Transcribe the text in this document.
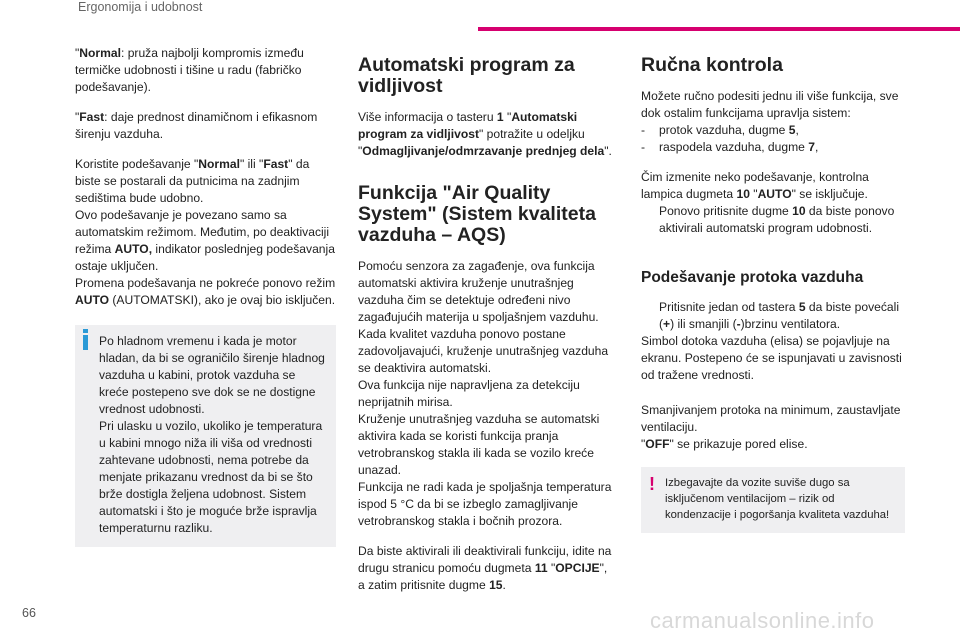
Ergonomija i udobnost

"Normal: pruža najbolji kompromis između termičke udobnosti i tišine u radu (fabričko podešavanje).

"Fast: daje prednost dinamičnom i efikasnom širenju vazduha.

Koristite podešavanje "Normal" ili "Fast" da biste se postarali da putnicima na zadnjim sedištima bude udobno.
Ovo podešavanje je povezano samo sa automatskim režimom. Međutim, po deaktivaciji režima AUTO, indikator poslednjeg podešavanja ostaje uključen.
Promena podešavanja ne pokreće ponovo režim AUTO (AUTOMATSKI), ako je ovaj bio isključen.

Po hladnom vremenu i kada je motor hladan, da bi se ograničilo širenje hladnog vazduha u kabini, protok vazduha se kreće postepeno sve dok se ne dostigne vrednost udobnosti.
Pri ulasku u vozilo, ukoliko je temperatura u kabini mnogo niža ili viša od vrednosti zahtevane udobnosti, nema potrebe da menjate prikazanu vrednost da bi se što brže dostigla željena udobnost. Sistem automatski i što je moguće brže ispravlja temperaturnu razliku.
Automatski program za vidljivost

Više informacija o tasteru 1 "Automatski program za vidljivost" potražite u odeljku "Odmagljivanje/odmrzavanje prednjeg dela".

Funkcija "Air Quality System" (Sistem kvaliteta vazduha – AQS)

Pomoću senzora za zagađenje, ova funkcija automatski aktivira kruženje unutrašnjeg vazduha čim se detektuje određeni nivo zagađujućih materija u spoljašnjem vazduhu.
Kada kvalitet vazduha ponovo postane zadovoljavajući, kruženje unutrašnjeg vazduha se deaktivira automatski.
Ova funkcija nije napravljena za detekciju neprijatnih mirisa.
Kruženje unutrašnjeg vazduha se automatski aktivira kada se koristi funkcija pranja vetrobranskog stakla ili kada se vozilo kreće unazad.
Funkcija ne radi kada je spoljašnja temperatura ispod 5 °C da bi se izbeglo zamagljivanje vetrobranskog stakla i bočnih prozora.

Da biste aktivirali ili deaktivirali funkciju, idite na drugu stranicu pomoću dugmeta 11 "OPCIJE",
a zatim pritisnite dugme 15.

Ručna kontrola

Možete ručno podesiti jednu ili više funkcija, sve dok ostalim funkcijama upravlja sistem:
-	protok vazduha, dugme 5,
-	raspodela vazduha, dugme 7,

Čim izmenite neko podešavanje, kontrolna lampica dugmeta 10 "AUTO" se isključuje.
Ponovo pritisnite dugme 10 da biste ponovo aktivirali automatski program udobnosti.

Podešavanje protoka vazduha

Pritisnite jedan od tastera 5 da biste povećali (+) ili smanjili (-)brzinu ventilatora.
Simbol dotoka vazduha (elisa) se pojavljuje na ekranu. Postepeno će se ispunjavati u zavisnosti od tražene vrednosti.

Smanjivanjem protoka na minimum, zaustavljate ventilaciju.
"OFF" se prikazuje pored elise.

! Izbegavajte da vozite suviše dugo sa isključenom ventilacijom – rizik od kondenzacije i pogoršanja kvaliteta vazduha!
66	carmanualsonline.info
